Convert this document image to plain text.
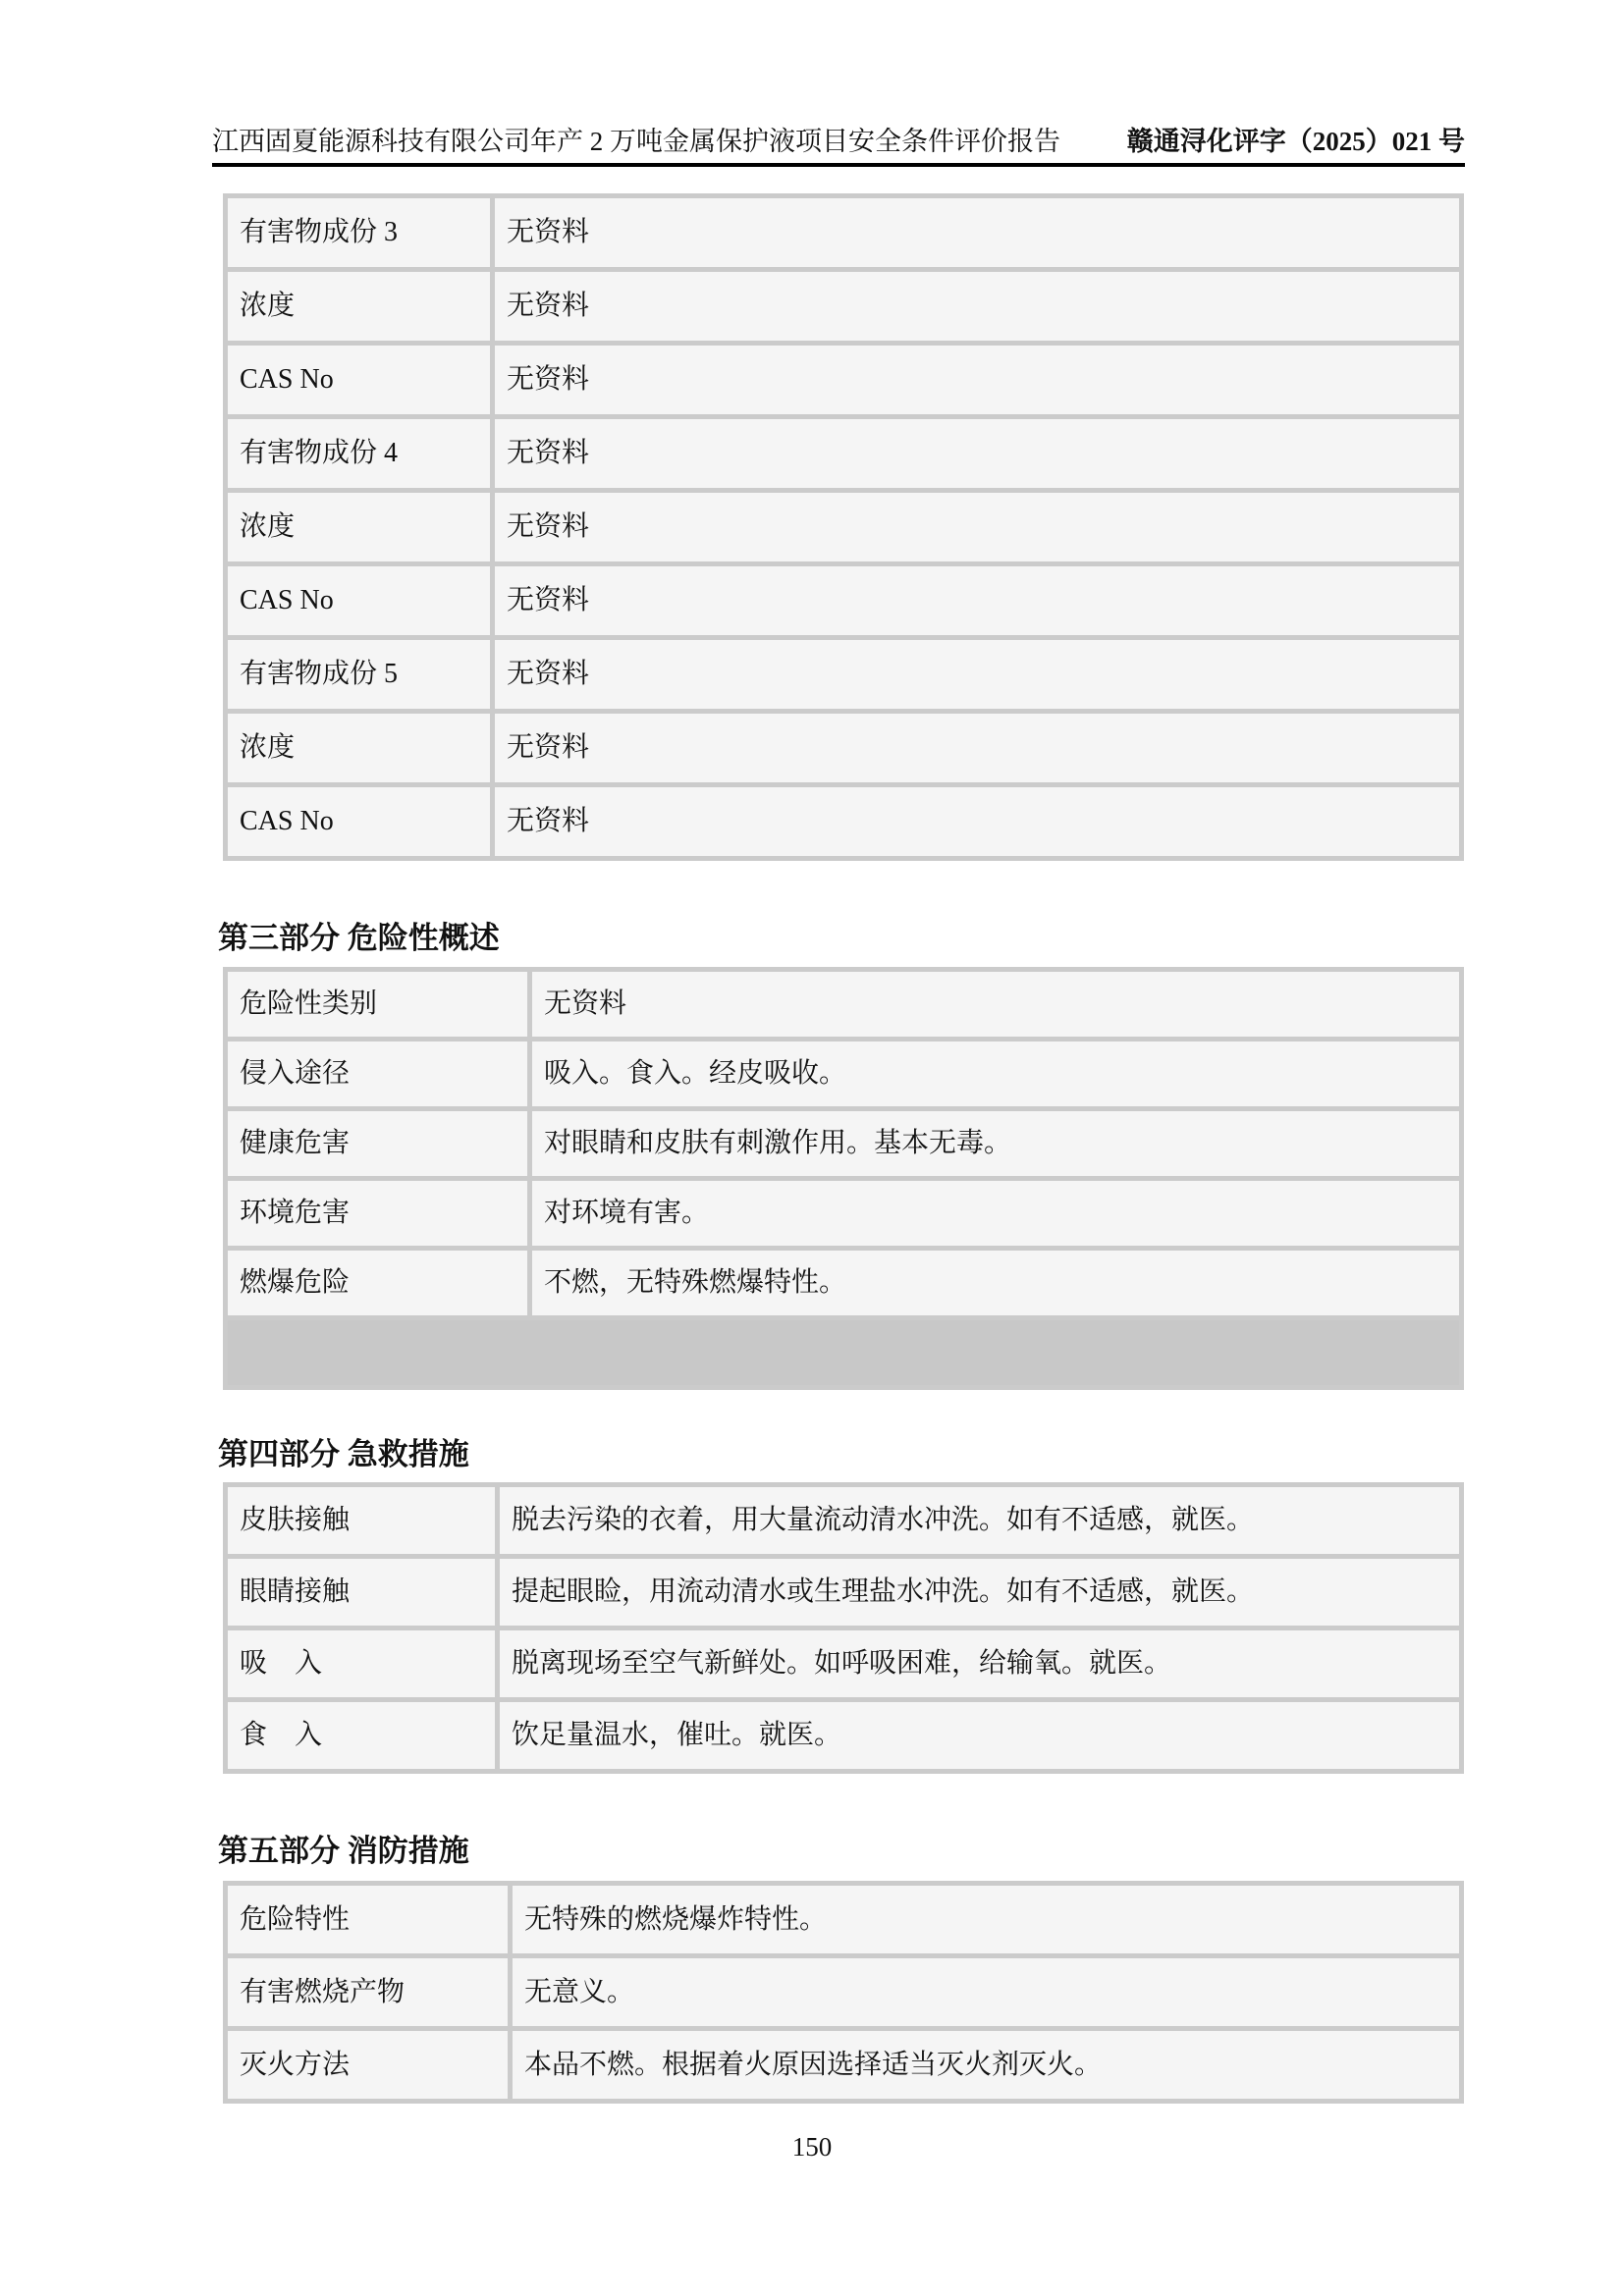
江西固夏能源科技有限公司年产 2 万吨金属保护液项目安全条件评价报告	赣通浔化评字（2025）021 号
有害物成份 3	无资料
浓度	无资料
CAS No	无资料
有害物成份 4	无资料
浓度	无资料
CAS No	无资料
有害物成份 5	无资料
浓度	无资料
CAS No	无资料
第三部分 危险性概述
危险性类别	无资料
侵入途径	吸入。食入。经皮吸收。
健康危害	对眼睛和皮肤有刺激作用。基本无毒。
环境危害	对环境有害。
燃爆危险	不燃，无特殊燃爆特性。

第四部分 急救措施
皮肤接触	脱去污染的衣着，用大量流动清水冲洗。如有不适感，就医。
眼睛接触	提起眼睑，用流动清水或生理盐水冲洗。如有不适感，就医。
吸　入	脱离现场至空气新鲜处。如呼吸困难，给输氧。就医。
食　入	饮足量温水，催吐。就医。
第五部分 消防措施
危险特性	无特殊的燃烧爆炸特性。
有害燃烧产物	无意义。
灭火方法	本品不燃。根据着火原因选择适当灭火剂灭火。
150
